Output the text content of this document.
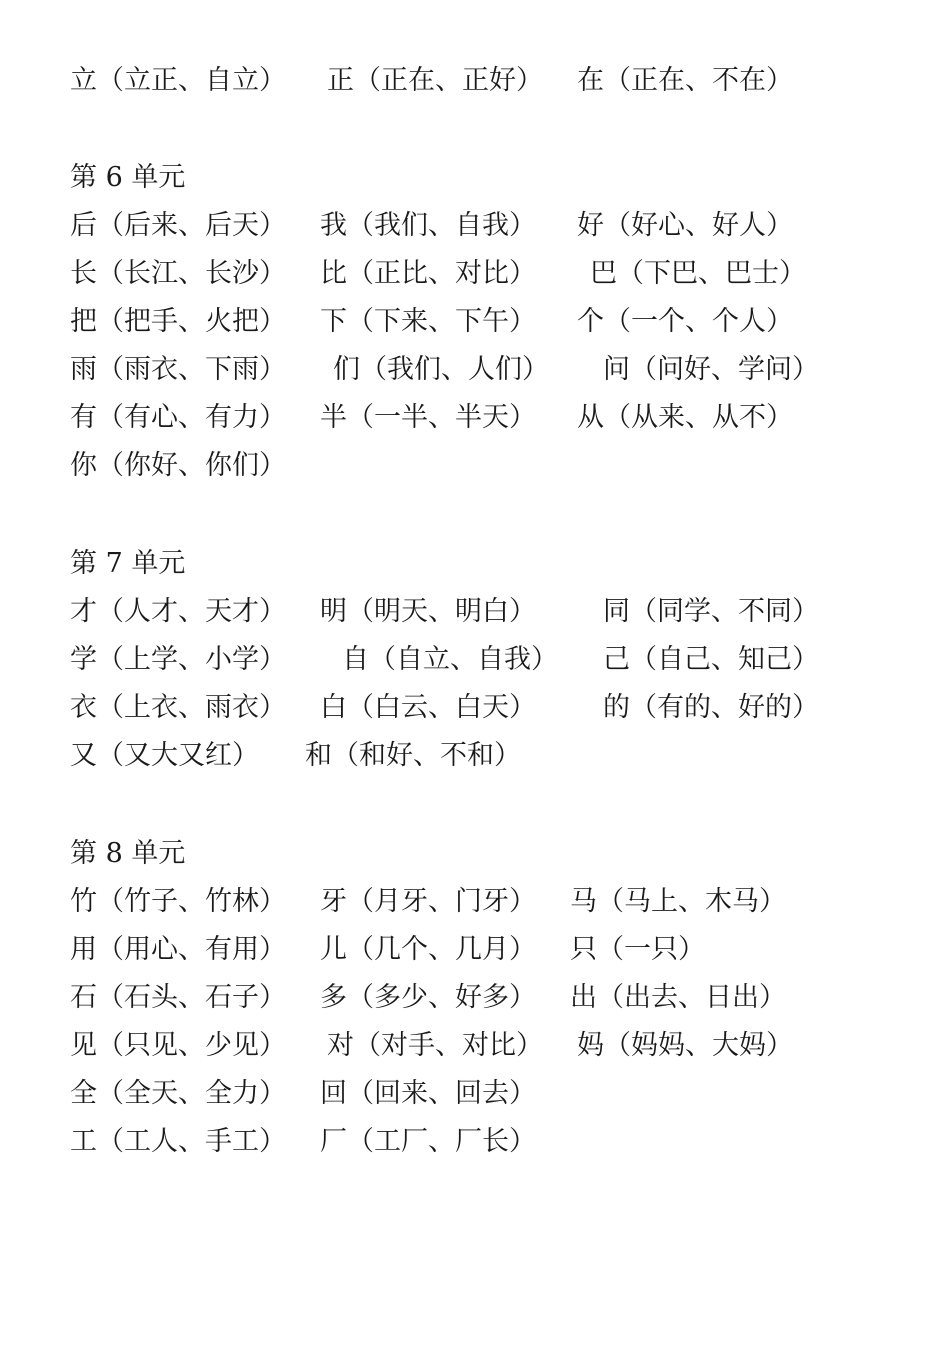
立（立正、自立） 正（正在、正好） 在（正在、不在）
第 6 单元
后（后来、后天） 我（我们、自我） 好（好心、好人）
长（长江、长沙） 比（正比、对比） 巴（下巴、巴士）
把（把手、火把） 下（下来、下午） 个（一个、个人）
雨（雨衣、下雨） 们（我们、人们） 问（问好、学问）
有（有心、有力） 半（一半、半天） 从（从来、从不）
你（你好、你们）
第 7 单元
才（人才、天才） 明（明天、明白） 同（同学、不同）
学（上学、小学） 自（自立、自我） 己（自己、知己）
衣（上衣、雨衣） 白（白云、白天） 的（有的、好的）
又（又大又红） 和（和好、不和）
第 8 单元
竹（竹子、竹林） 牙（月牙、门牙） 马（马上、木马）
用（用心、有用） 儿（几个、几月） 只（一只）
石（石头、石子） 多（多少、好多） 出（出去、日出）
见（只见、少见） 对（对手、对比） 妈（妈妈、大妈）
全（全天、全力） 回（回来、回去）
工（工人、手工） 厂（工厂、厂长）
